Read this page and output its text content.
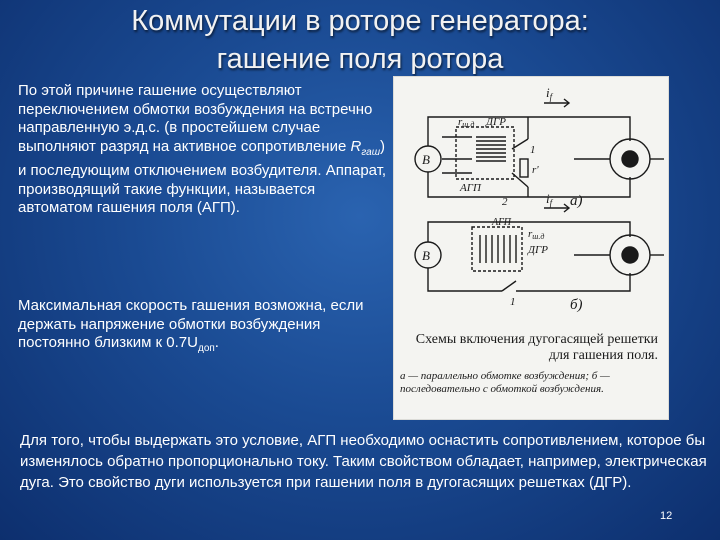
Коммутации в роторе генератора:
гашение поля ротора
По этой причине гашение осуществляют переключением обмотки возбуждения на встречно направленную э.д.с. (в простейшем случае выполняют разряд на активное сопротивление $R_{гаш}$) и последующим отключением возбудителя. Аппарат, производящий такие функции, называется автоматом гашения поля (АГП).
Максимальная скорость гашения возможна, если держать напряжение обмотки возбуждения постоянно близким к $0.7U_{доп}$.
В
В
$i_f$
$i_f$
rш.д ДГР
АГП
r'
1
2	а)
АГП
rш.д
ДГР
1	б)
Схемы включения дугогасящей решетки для гашения поля.
а — параллельно обмотке возбуждения; б — последовательно с обмоткой возбуждения.
Для того, чтобы выдержать это условие, АГП необходимо оснастить сопротивлением, которое бы изменялось обратно пропорционально току. Таким свойством обладает, например, электрическая дуга. Это свойство дуги используется при гашении поля в дугогасящих решетках (ДГР).
12
